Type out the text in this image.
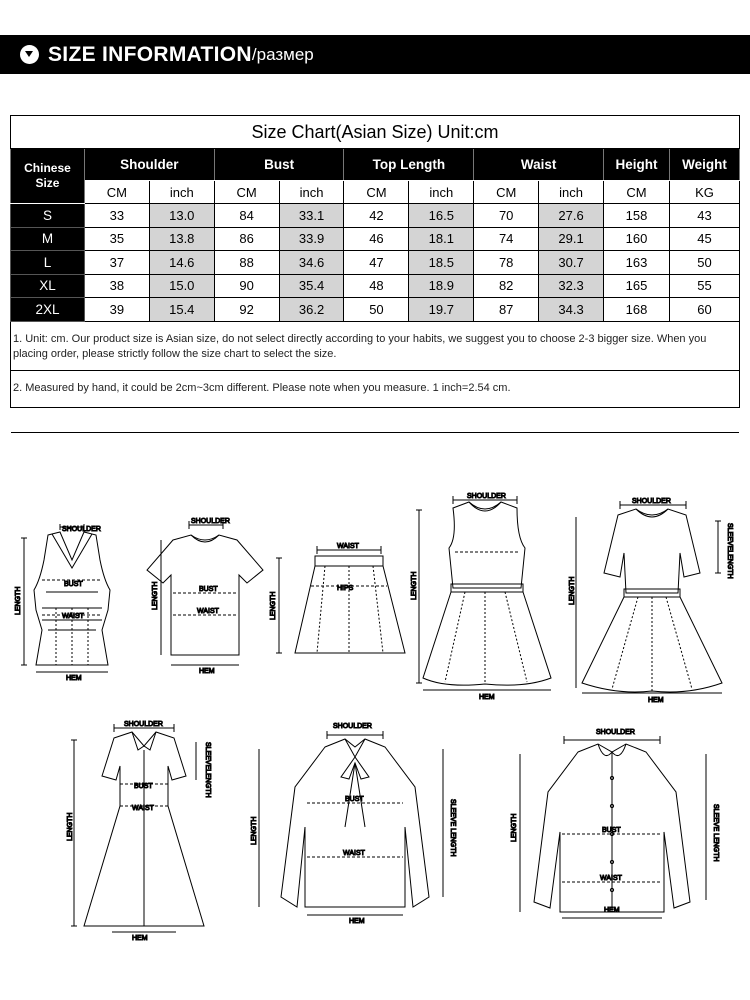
SIZE INFORMATION /размер
Size Chart(Asian Size) Unit:cm										
Chinese Size	Shoulder		Bust		Top Length		Waist		Height	Weight
	CM	inch	CM	inch	CM	inch	CM	inch	CM	KG
S	33	13.0	84	33.1	42	16.5	70	27.6	158	43
M	35	13.8	86	33.9	46	18.1	74	29.1	160	45
L	37	14.6	88	34.6	47	18.5	78	30.7	163	50
XL	38	15.0	90	35.4	48	18.9	82	32.3	165	55
2XL	39	15.4	92	36.2	50	19.7	87	34.3	168	60
1. Unit: cm. Our product size is Asian size, do not select directly according to your habits, we suggest you to choose 2-3 bigger size. When you placing order, please strictly follow the size chart to select the size.
2. Measured by hand, it could be 2cm~3cm different. Please note when you measure. 1 inch=2.54 cm.
SHOULDER
BUST
WAIST
HEM
LENGTH
SHOULDER
BUST
WAIST
HEM
LENGTH
WAIST
HIPS
LENGTH
SHOULDER
HEM
LENGTH
SHOULDER
SLEEVELENGTH
HEM
LENGTH
SHOULDER
BUST
WAIST
SLEEVELENGTH
HEM
LENGTH
SHOULDER
BUST
WAIST
HEM
SLEEVE LENGTH
LENGTH
SHOULDER
BUST
WAIST
HEM
SLEEVE LENGTH
LENGTH
